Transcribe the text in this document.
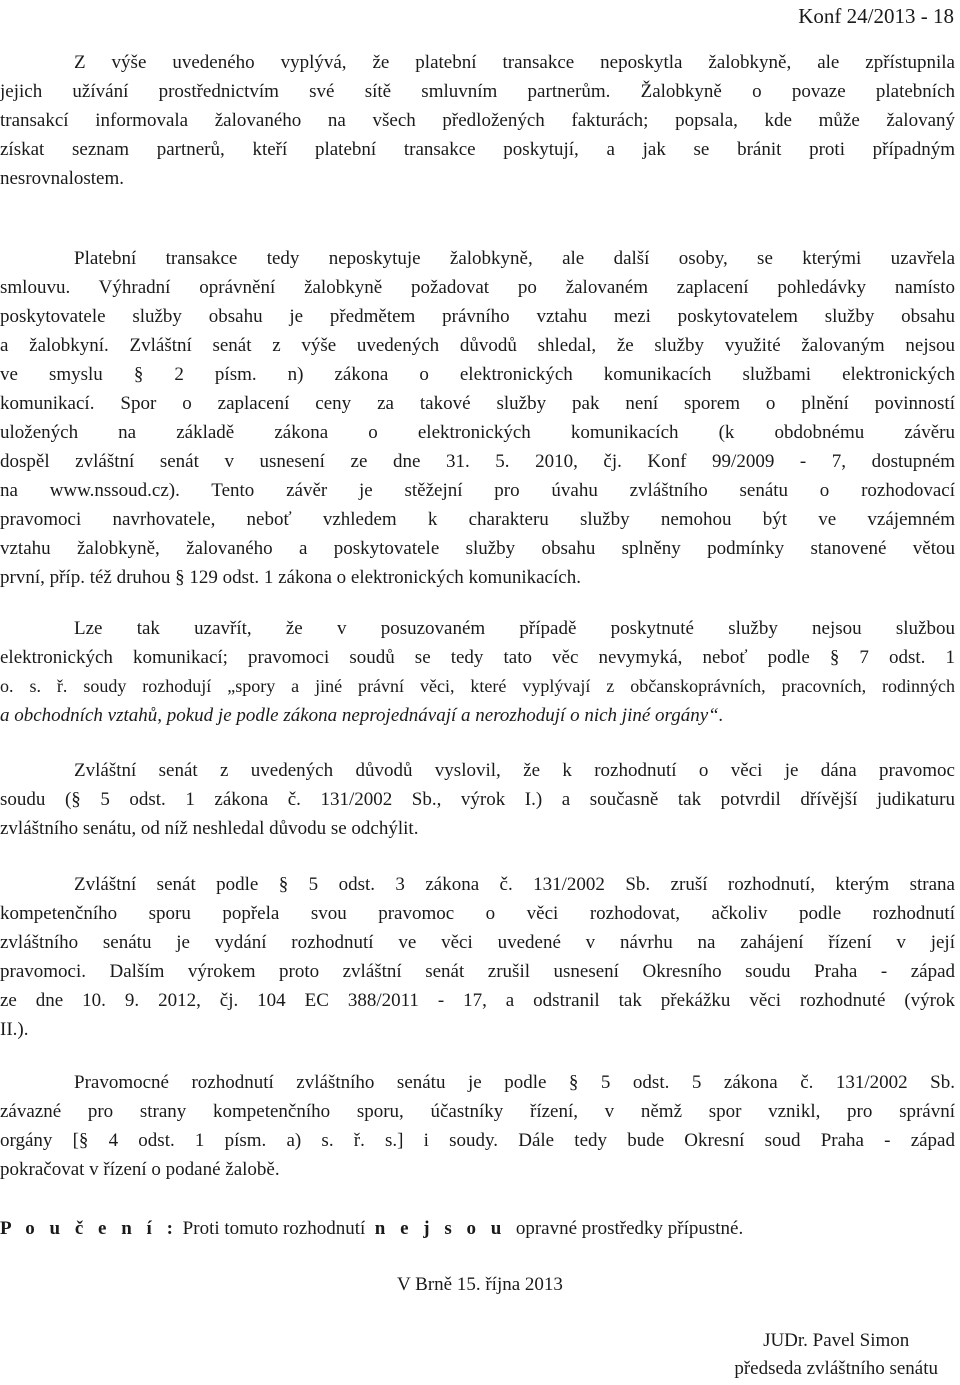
Konf 24/2013 - 18
Z výše uvedeného vyplývá, že platební transakce neposkytla žalobkyně, ale zpřístupnila
jejich užívání prostřednictvím své sítě smluvním partnerům. Žalobkyně o povaze platebních
transakcí informovala žalovaného na všech předložených fakturách; popsala, kde může žalovaný
získat seznam partnerů, kteří platební transakce poskytují, a jak se bránit proti případným
nesrovnalostem.
Platební transakce tedy neposkytuje žalobkyně, ale další osoby, se kterými uzavřela
smlouvu. Výhradní oprávnění žalobkyně požadovat po žalovaném zaplacení pohledávky namísto
poskytovatele služby obsahu je předmětem právního vztahu mezi poskytovatelem služby obsahu
a žalobkyní. Zvláštní senát z výše uvedených důvodů shledal, že služby využité žalovaným nejsou
ve smyslu § 2 písm. n) zákona o elektronických komunikacích službami elektronických
komunikací. Spor o zaplacení ceny za takové služby pak není sporem o plnění povinností
uložených na základě zákona o elektronických komunikacích (k obdobnému závěru
dospěl zvláštní senát v usnesení ze dne 31. 5. 2010, čj. Konf 99/2009 - 7, dostupném
na www.nssoud.cz). Tento závěr je stěžejní pro úvahu zvláštního senátu o rozhodovací
pravomoci navrhovatele, neboť vzhledem k charakteru služby nemohou být ve vzájemném
vztahu žalobkyně, žalovaného a poskytovatele služby obsahu splněny podmínky stanovené větou
první, příp. též druhou § 129 odst. 1 zákona o elektronických komunikacích.
Lze tak uzavřít, že v posuzovaném případě poskytnuté služby nejsou službou
elektronických komunikací; pravomoci soudů se tedy tato věc nevymyká, neboť podle § 7 odst. 1
o. s. ř. soudy rozhodují „spory a jiné právní věci, které vyplývají z občanskoprávních, pracovních, rodinných
a obchodních vztahů, pokud je podle zákona neprojednávají a nerozhodují o nich jiné orgány“.
Zvláštní senát z uvedených důvodů vyslovil, že k rozhodnutí o věci je dána pravomoc
soudu (§ 5 odst. 1 zákona č. 131/2002 Sb., výrok I.) a současně tak potvrdil dřívější judikaturu
zvláštního senátu, od níž neshledal důvodu se odchýlit.
Zvláštní senát podle § 5 odst. 3 zákona č. 131/2002 Sb. zruší rozhodnutí, kterým strana
kompetenčního sporu popřela svou pravomoc o věci rozhodovat, ačkoliv podle rozhodnutí
zvláštního senátu je vydání rozhodnutí ve věci uvedené v návrhu na zahájení řízení v její
pravomoci. Dalším výrokem proto zvláštní senát zrušil usnesení Okresního soudu Praha - západ
ze dne 10. 9. 2012, čj. 104 EC 388/2011 - 17, a odstranil tak překážku věci rozhodnuté (výrok
II.).
Pravomocné rozhodnutí zvláštního senátu je podle § 5 odst. 5 zákona č. 131/2002 Sb.
závazné pro strany kompetenčního sporu, účastníky řízení, v němž spor vznikl, pro správní
orgány [§ 4 odst. 1 písm. a) s. ř. s.] i soudy. Dále tedy bude Okresní soud Praha - západ
pokračovat v řízení o podané žalobě.
P o u č e n í : Proti tomuto rozhodnutí n e j s o u opravné prostředky přípustné.
V Brně 15. října 2013
JUDr. Pavel Simon
předseda zvláštního senátu
